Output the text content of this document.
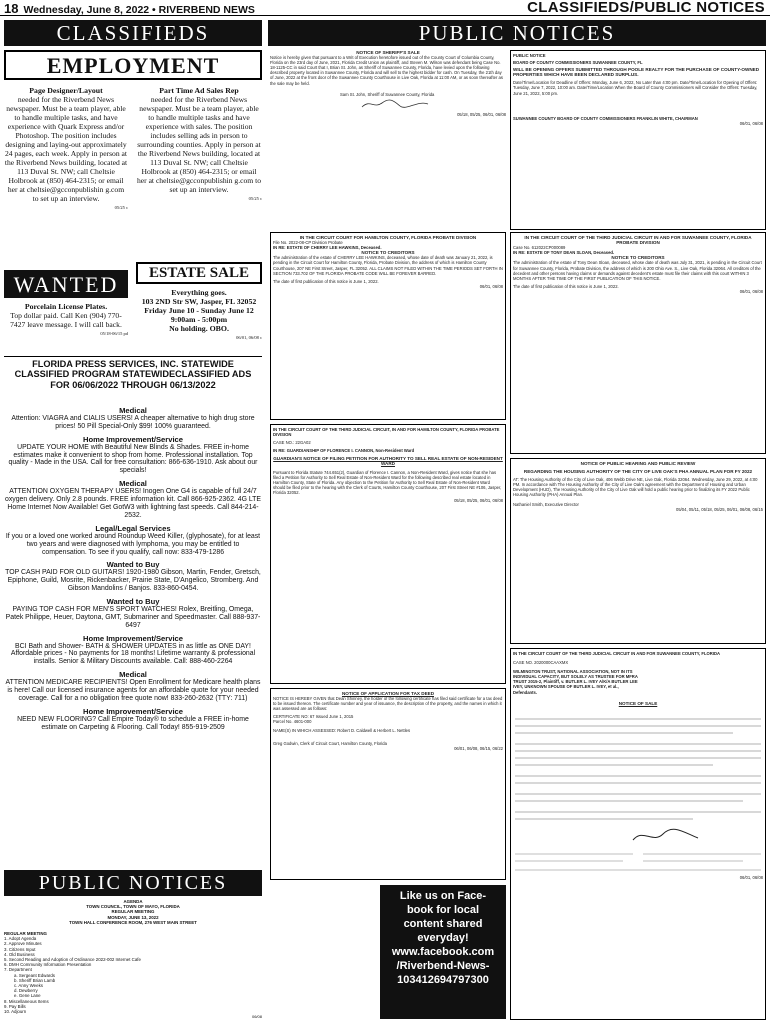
18 Wednesday, June 8, 2022 • RIVERBEND NEWS	CLASSIFIEDS/PUBLIC NOTICES
CLASSIFIEDS
EMPLOYMENT
Page Designer/Layout
needed for the Riverbend News newspaper. Must be a team player, able to handle multiple tasks, and have experience with Quark Express and/or Photoshop. The position includes designing and laying-out approximately 24 pages, each week. Apply in person at the Riverbend News building, located at 113 Duval St. NW; call Cheltsie Holbrook at (850) 464-2315; or email her at cheltsie@gcconpublishin g.com to set up an interview.
05/25 c
Part Time Ad Sales Rep
needed for the Riverbend News newspaper. Must be a team player, able to handle multiple tasks and have experience with sales. The position includes selling ads in person to surrounding counties. Apply in person at the Riverbend News building, located at 113 Duval St. NW; call Cheltsie Holbrook at (850) 464-2315; or email her at cheltsie@gcconpublishin g.com to set up an interview.
05/25 c
WANTED
Porcelain License Plates.
Top dollar paid. Call Ken (904) 770-7427 leave message. I will call back.
05/18-06/15 pd
ESTATE SALE
Everything goes.
103 2ND Str SW, Jasper, FL 32052
Friday June 10 - Sunday June 12
9:00am - 5:00pm
No holding. OBO.
06/01, 06/08 c
FLORIDA PRESS SERVICES, INC. STATEWIDE CLASSIFIED PROGRAM STATEWIDECLASSIFIED ADS FOR 06/06/2022 THROUGH 06/13/2022
Medical
Attention: VIAGRA and CIALIS USERS! A cheaper alternative to high drug store prices! 50 Pill Special-Only $99! 100% guaranteed.
Home Improvement/Service
UPDATE YOUR HOME with Beautiful New Blinds & Shades. FREE in-home estimates make it convenient to shop from home. Professional installation. Top quality - Made in the USA. Call for free consultation: 866-636-1910. Ask about our specials!
Medical
ATTENTION OXYGEN THERAPY USERS! Inogen One G4 is capable of full 24/7 oxygen delivery. Only 2.8 pounds. FREE information kit. Call 866-925-2362. 4G LTE Home Internet Now Available! Get GotW3 with lightning fast speeds. Call 844-214-2532.
Legal/Legal Services
If you or a loved one worked around Roundup Weed Killer, (glyphosate), for at least two years and were diagnosed with lymphoma, you may be entitled to compensation. To see if you qualify, call now: 833-479-1286
Wanted to Buy
TOP CASH PAID FOR OLD GUITARS! 1920-1980 Gibson, Martin, Fender, Gretsch, Epiphone, Guild, Mosrite, Rickenbacker, Prairie State, D'Angelico, Stromberg. And Gibson Mandolins / Banjos. 833-860-0454.
Wanted to Buy
PAYING TOP CASH FOR MEN'S SPORT WATCHES! Rolex, Breitling, Omega, Patek Philippe, Heuer, Daytona, GMT, Submariner and Speedmaster. Call 888-937-6497
Home Improvement/Service
BCI Bath and Shower- BATH & SHOWER UPDATES in as little as ONE DAY! Affordable prices - No payments for 18 months! Lifetime warranty & professional installs. Senior & Military Discounts available. Call: 888-460-2264
Medical
ATTENTION MEDICARE RECIPIENTS! Open Enrollment for Medicare health plans is here! Call our licensed insurance agents for an affordable quote for your needed coverage. Call for a no obligation free quote now! 833-260-2632 (TTY: 711)
Home Improvement/Service
NEED NEW FLOORING? Call Empire Today® to schedule a FREE in-home estimate on Carpeting & Flooring. Call Today! 855-919-2509
PUBLIC NOTICES
AGENDA
TOWN COUNCIL, TOWN OF MAYO, FLORIDA
REGULAR MEETING
MONDAY, JUNE 13, 2022
TOWN HALL CONFERENCE ROOM, 276 WEST MAIN STREET
REGULAR MEETING
1. Adopt Agenda
2. Approve Minutes
3. Citizens Input
4. Old Business
5. Second Reading and Adoption of Ordinance 2022-002 Internet Cafe
6. DMH Community Information Presentation
7. Department
a. Sergeant Edwards
b. Sheriff Brian Lamb
c. Anny Weeks
d. Dewberry
e. Gene Lane
8. Miscellaneous Items
9. Pay Bills
10. Adjourn
06/08
PUBLIC NOTICES
NOTICE OF SHERIFF'S SALE
Notice is hereby given that pursuant to a Writ of Execution heretofore issued out of the County Court of Columbia County, Florida on the 23rd day of June, 2021, Florida Credit Union as plaintiff, and Steven M. Wilson was defendant being Case No. 18-1125-CC in said Court that I, Brian St. John, as Sheriff of Suwannee County, Florida, have levied upon the following described property located in Suwannee County, Florida and will sell to the highest bidder for cash. On Tuesday, the 21th day of June, 2022 at the front door of the Suwannee County Courthouse in Live Oak, Florida at 11:00 AM, or as soon thereafter as the sale may be held.
Sam St. John, Sheriff of Suwannee County, Florida
05/18, 05/25, 06/01, 06/08
PUBLIC NOTICE
BOARD OF COUNTY COMMISSIONERS SUWANNEE COUNTY, FL
WILL BE OPENING OFFERS SUBMITTED THROUGH POOLE REALTY FOR THE PURCHASE OF COUNTY-OWNED PROPERTIES WHICH HAVE BEEN DECLARED SURPLUS.
Date/Time/Location for Deadline of Offers: Monday, June 6, 2022, No Later than 4:00 pm. Date/Time/Location for Opening of Offers: Tuesday, June 7, 2022, 10:00 am. Date/Time/Location When the Board of County Commissioners will Consider the Offers: Tuesday, June 21, 2022, 5:00 pm.
SUWANNEE COUNTY BOARD OF COUNTY COMMISSIONERS FRANKLIN WHITE, CHAIRMAN
06/01, 06/08
IN THE CIRCUIT COURT FOR HAMILTON COUNTY, FLORIDA PROBATE DIVISION
File No. 2022-08-CP Division Probate
IN RE: ESTATE OF CHERRY LEE HAWKINS, Deceased.
NOTICE TO CREDITORS
The administration of the estate of CHERRY LEE HAWKINS, deceased, whose date of death was January 21, 2022, is pending in the Circuit Court for Hamilton County, Florida, Probate Division, the address of which is Hamilton County Courthouse, 207 NE First Street, Jasper, FL 32052. ALL CLAIMS NOT FILED WITHIN THE TIME PERIODS SET FORTH IN SECTION 733.702 OF THE FLORIDA PROBATE CODE WILL BE FOREVER BARRED.
The date of first publication of this notice is June 1, 2022.
06/01, 06/08
IN THE CIRCUIT COURT OF THE THIRD JUDICIAL CIRCUIT IN AND FOR SUWANNEE COUNTY, FLORIDA PROBATE DIVISION
Case No. 612022CP000089
IN RE: ESTATE OF TONY DEAN SLOAN, Deceased.
NOTICE TO CREDITORS
The administration of the estate of Tony Dean Sloan, deceased, whose date of death was July 31, 2021, is pending in the Circuit Court for Suwannee County, Florida, Probate Division, the address of which is 200 Ohio Ave. S., Live Oak, Florida 32064. All creditors of the decedent and other persons having claims or demands against decedent's estate must file their claims with this court WITHIN 3 MONTHS AFTER THE TIME OF THE FIRST PUBLICATION OF THIS NOTICE.
The date of first publication of this notice is June 1, 2022.
06/01, 06/08
IN THE CIRCUIT COURT OF THE THIRD JUDICIAL CIRCUIT, IN AND FOR HAMILTON COUNTY, FLORIDA PROBATE DIVISION
CASE NO.: 22GA02
IN RE: GUARDIANSHIP OF FLORENCE I. CANNON, Non-Resident Ward
GUARDIAN'S NOTICE OF FILING PETITION FOR AUTHORITY TO SELL REAL ESTATE OF NON-RESIDENT WARD
Pursuant to Florida Statute 744.651(2), Guardian of Florence I. Cannon, a Non-Resident Ward, gives notice that she has filed a Petition for Authority to Sell Real Estate of Non-Resident Ward for the following described real estate located in Hamilton County, State of Florida. Any objection to the Petition for Authority to Sell Real Estate of Non-Resident Ward should be filed prior to the hearing with the Clerk of Courts, Hamilton County Courthouse, 207 First Street NE #106, Jasper, Florida 32052.
05/18, 05/25, 06/01, 06/08
NOTICE OF PUBLIC HEARING AND PUBLIC REVIEW
REGARDING THE HOUSING AUTHORITY OF THE CITY OF LIVE OAK'S PHA ANNUAL PLAN FOR FY 2022
AT: The Housing Authority of the City of Live Oak, 406 Webb Drive NE, Live Oak, Florida 32064. Wednesday, June 29, 2022, at 4:00 PM. In accordance with The Housing Authority of the City of Live Oak's agreement with the Department of Housing and Urban Development (HUD), The Housing Authority of the City of Live Oak will hold a public hearing prior to finalizing its FY 2022 Public Housing Authority (PHA) Annual Plan.
Nathaniel Smith, Executive Director
05/04, 05/11, 05/18, 05/25, 06/01, 06/08, 06/15
NOTICE OF APPLICATION FOR TAX DEED
NOTICE IS HEREBY GIVEN that Dean Shinney, the holder of the following certificate has filed said certificate for a tax deed to be issued thereon. The certificate number and year of issuance, the description of the property, and the names in which it was assessed are as follows:
CERTIFICATE NO: 67 Issued June 1, 2015
Parcel No. 4601-000
NAME(S) IN WHICH ASSESSED: Robert D. Caldwell & Herbert L. Nettles
Greg Godwin, Clerk of Circuit Court, Hamilton County, Florida
06/01, 06/08, 06/15, 06/22
Like us on Face-
book for local
content shared
everyday!
www.facebook.com
/Riverbend-News-
103412694797300
IN THE CIRCUIT COURT OF THE THIRD JUDICIAL CIRCUIT IN AND FOR SUWANNEE COUNTY, FLORIDA
CASE NO. 2020000CAAXMX
WILMINGTON TRUST, NATIONAL ASSOCIATION, NOT IN ITS INDIVIDUAL CAPACITY, BUT SOLELY AS TRUSTEE FOR MFRA TRUST 2015-2, Plaintiff, v. BUTLER L. IVEY A/K/A BUTLER LEE IVEY, UNKNOWN SPOUSE OF BUTLER L. IVEY, et al., Defendants.
NOTICE OF SALE
06/01, 06/08
